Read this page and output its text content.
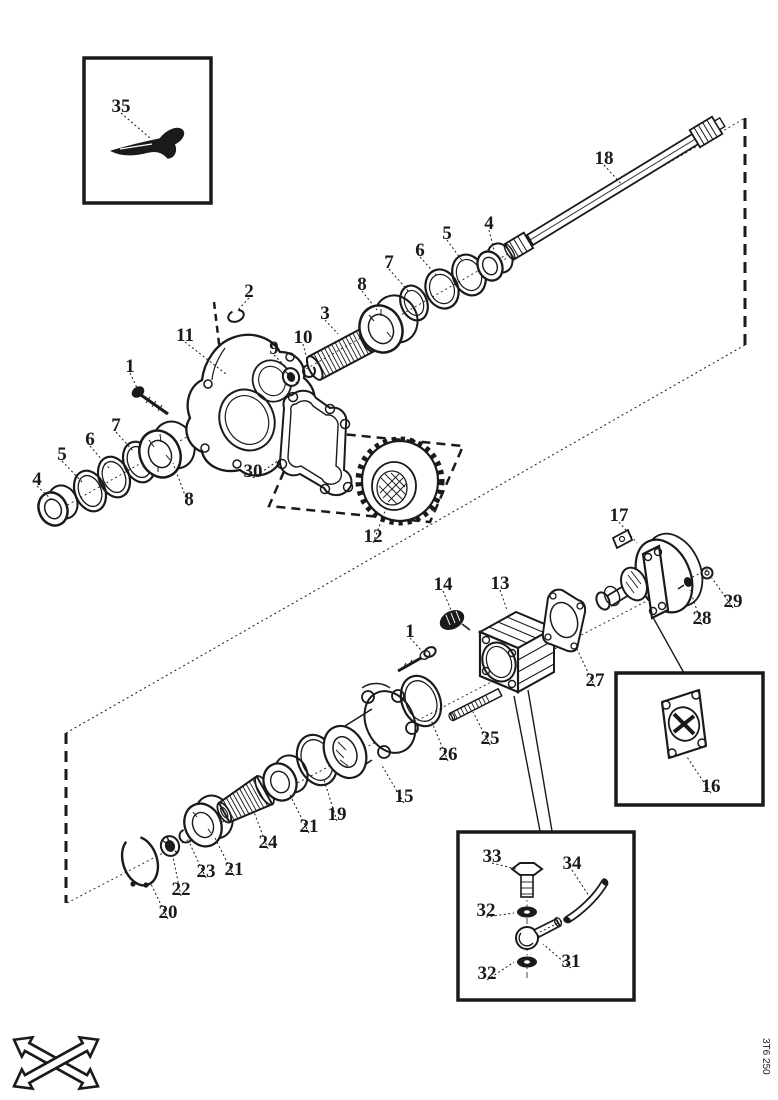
3T6 250
35
18
4
5
6
7
8
2
3
10
9
11
1
7
6
5
4
8
30
12
17
14 13
29
28
1
27
26
25
15
19
21
24
21
23
22
20
16
33	34
32
31
32
